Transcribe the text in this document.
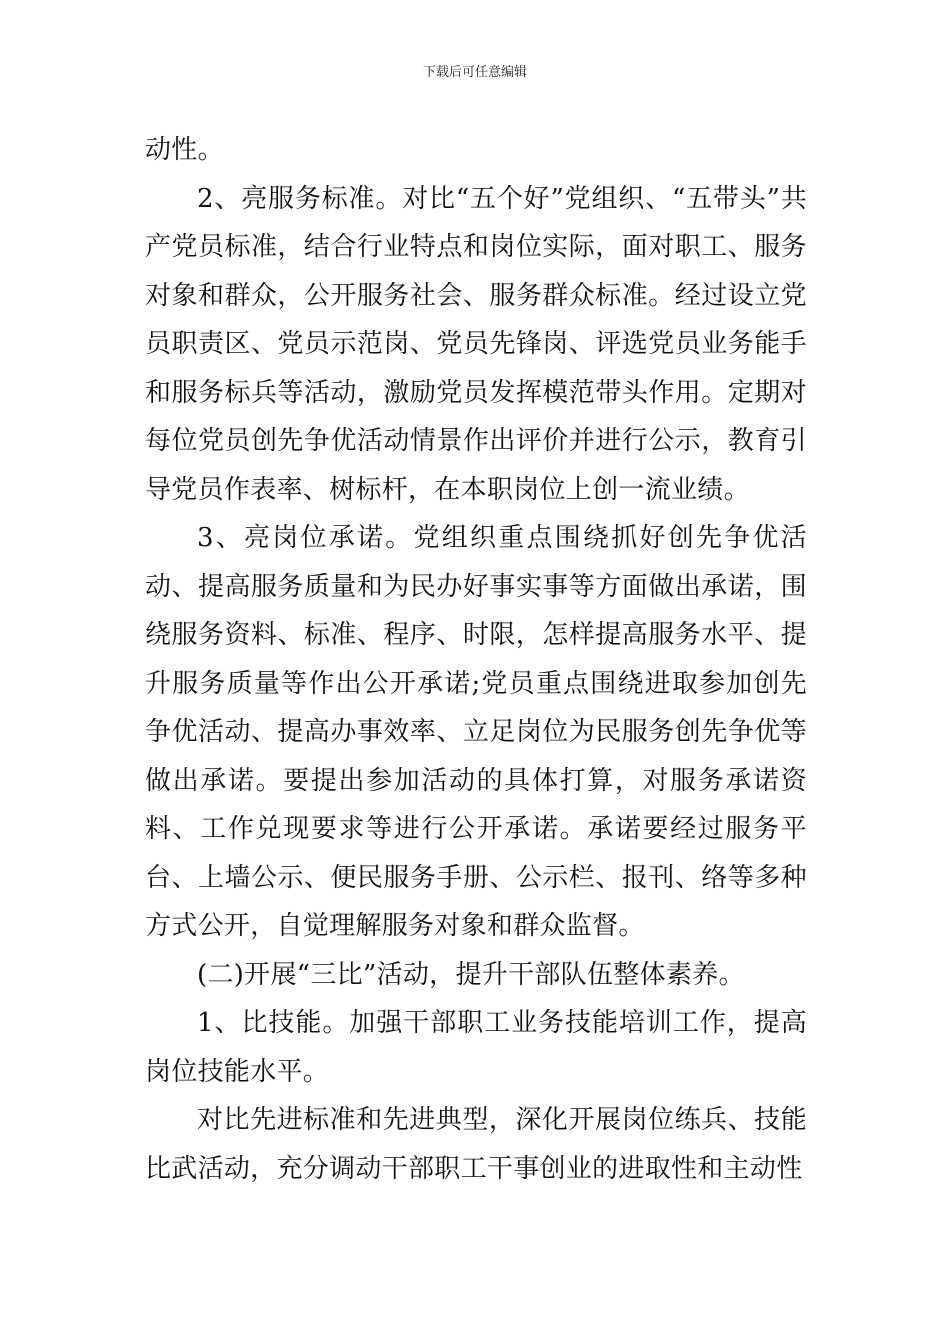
下载后可任意编辑

动性。

2、亮服务标准。对比“五个好”党组织、“五带头”共产党员标准，结合行业特点和岗位实际，面对职工、服务对象和群众，公开服务社会、服务群众标准。经过设立党员职责区、党员示范岗、党员先锋岗、评选党员业务能手和服务标兵等活动，激励党员发挥模范带头作用。定期对每位党员创先争优活动情景作出评价并进行公示，教育引导党员作表率、树标杆，在本职岗位上创一流业绩。

3、亮岗位承诺。党组织重点围绕抓好创先争优活动、提高服务质量和为民办好事实事等方面做出承诺，围绕服务资料、标准、程序、时限，怎样提高服务水平、提升服务质量等作出公开承诺;党员重点围绕进取参加创先争优活动、提高办事效率、立足岗位为民服务创先争优等做出承诺。要提出参加活动的具体打算，对服务承诺资料、工作兑现要求等进行公开承诺。承诺要经过服务平台、上墙公示、便民服务手册、公示栏、报刊、络等多种方式公开，自觉理解服务对象和群众监督。

(二)开展“三比”活动，提升干部队伍整体素养。

1、比技能。加强干部职工业务技能培训工作，提高岗位技能水平。

对比先进标准和先进典型，深化开展岗位练兵、技能比武活动，充分调动干部职工干事创业的进取性和主动性
